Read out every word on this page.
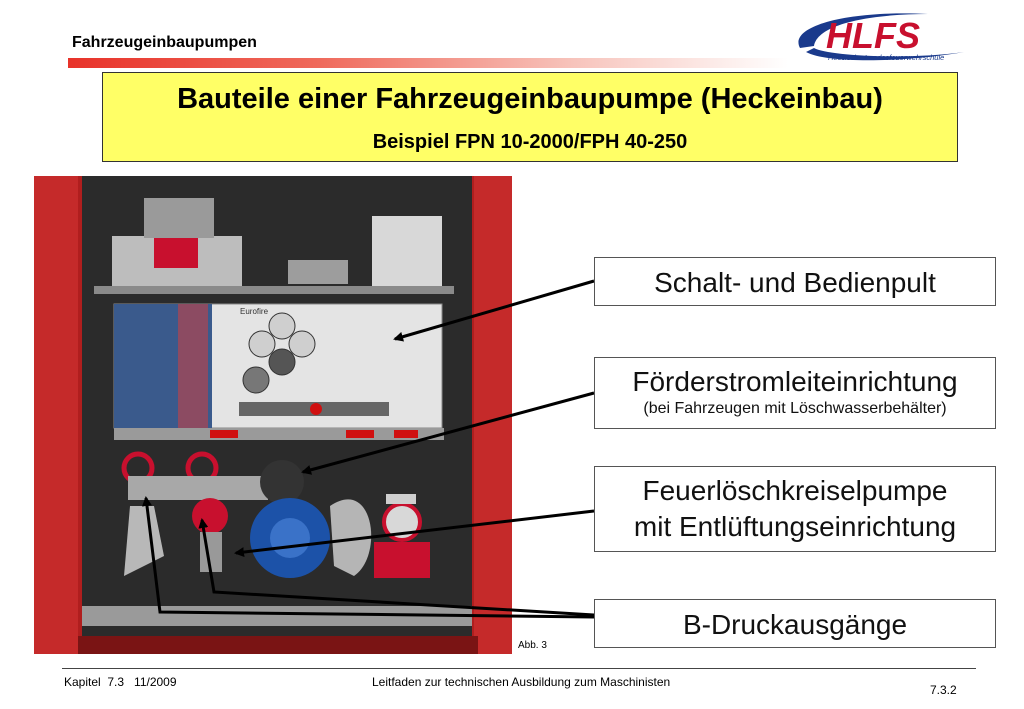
Fahrzeugeinbaupumpen	HLFS
Hessische Landesfeuerwehrschule
Bauteile einer Fahrzeugeinbaupumpe (Heckeinbau)
Beispiel FPN 10-2000/FPH 40-250
Eurofire
Schalt- und Bedienpult
Förderstromleiteinrichtung
(bei Fahrzeugen mit Löschwasserbehälter)
Feuerlöschkreiselpumpe
mit Entlüftungseinrichtung
B-Druckausgänge
Abb. 3
Kapitel  7.3   11/2009	Leitfaden zur technischen Ausbildung zum Maschinisten
7.3.2
